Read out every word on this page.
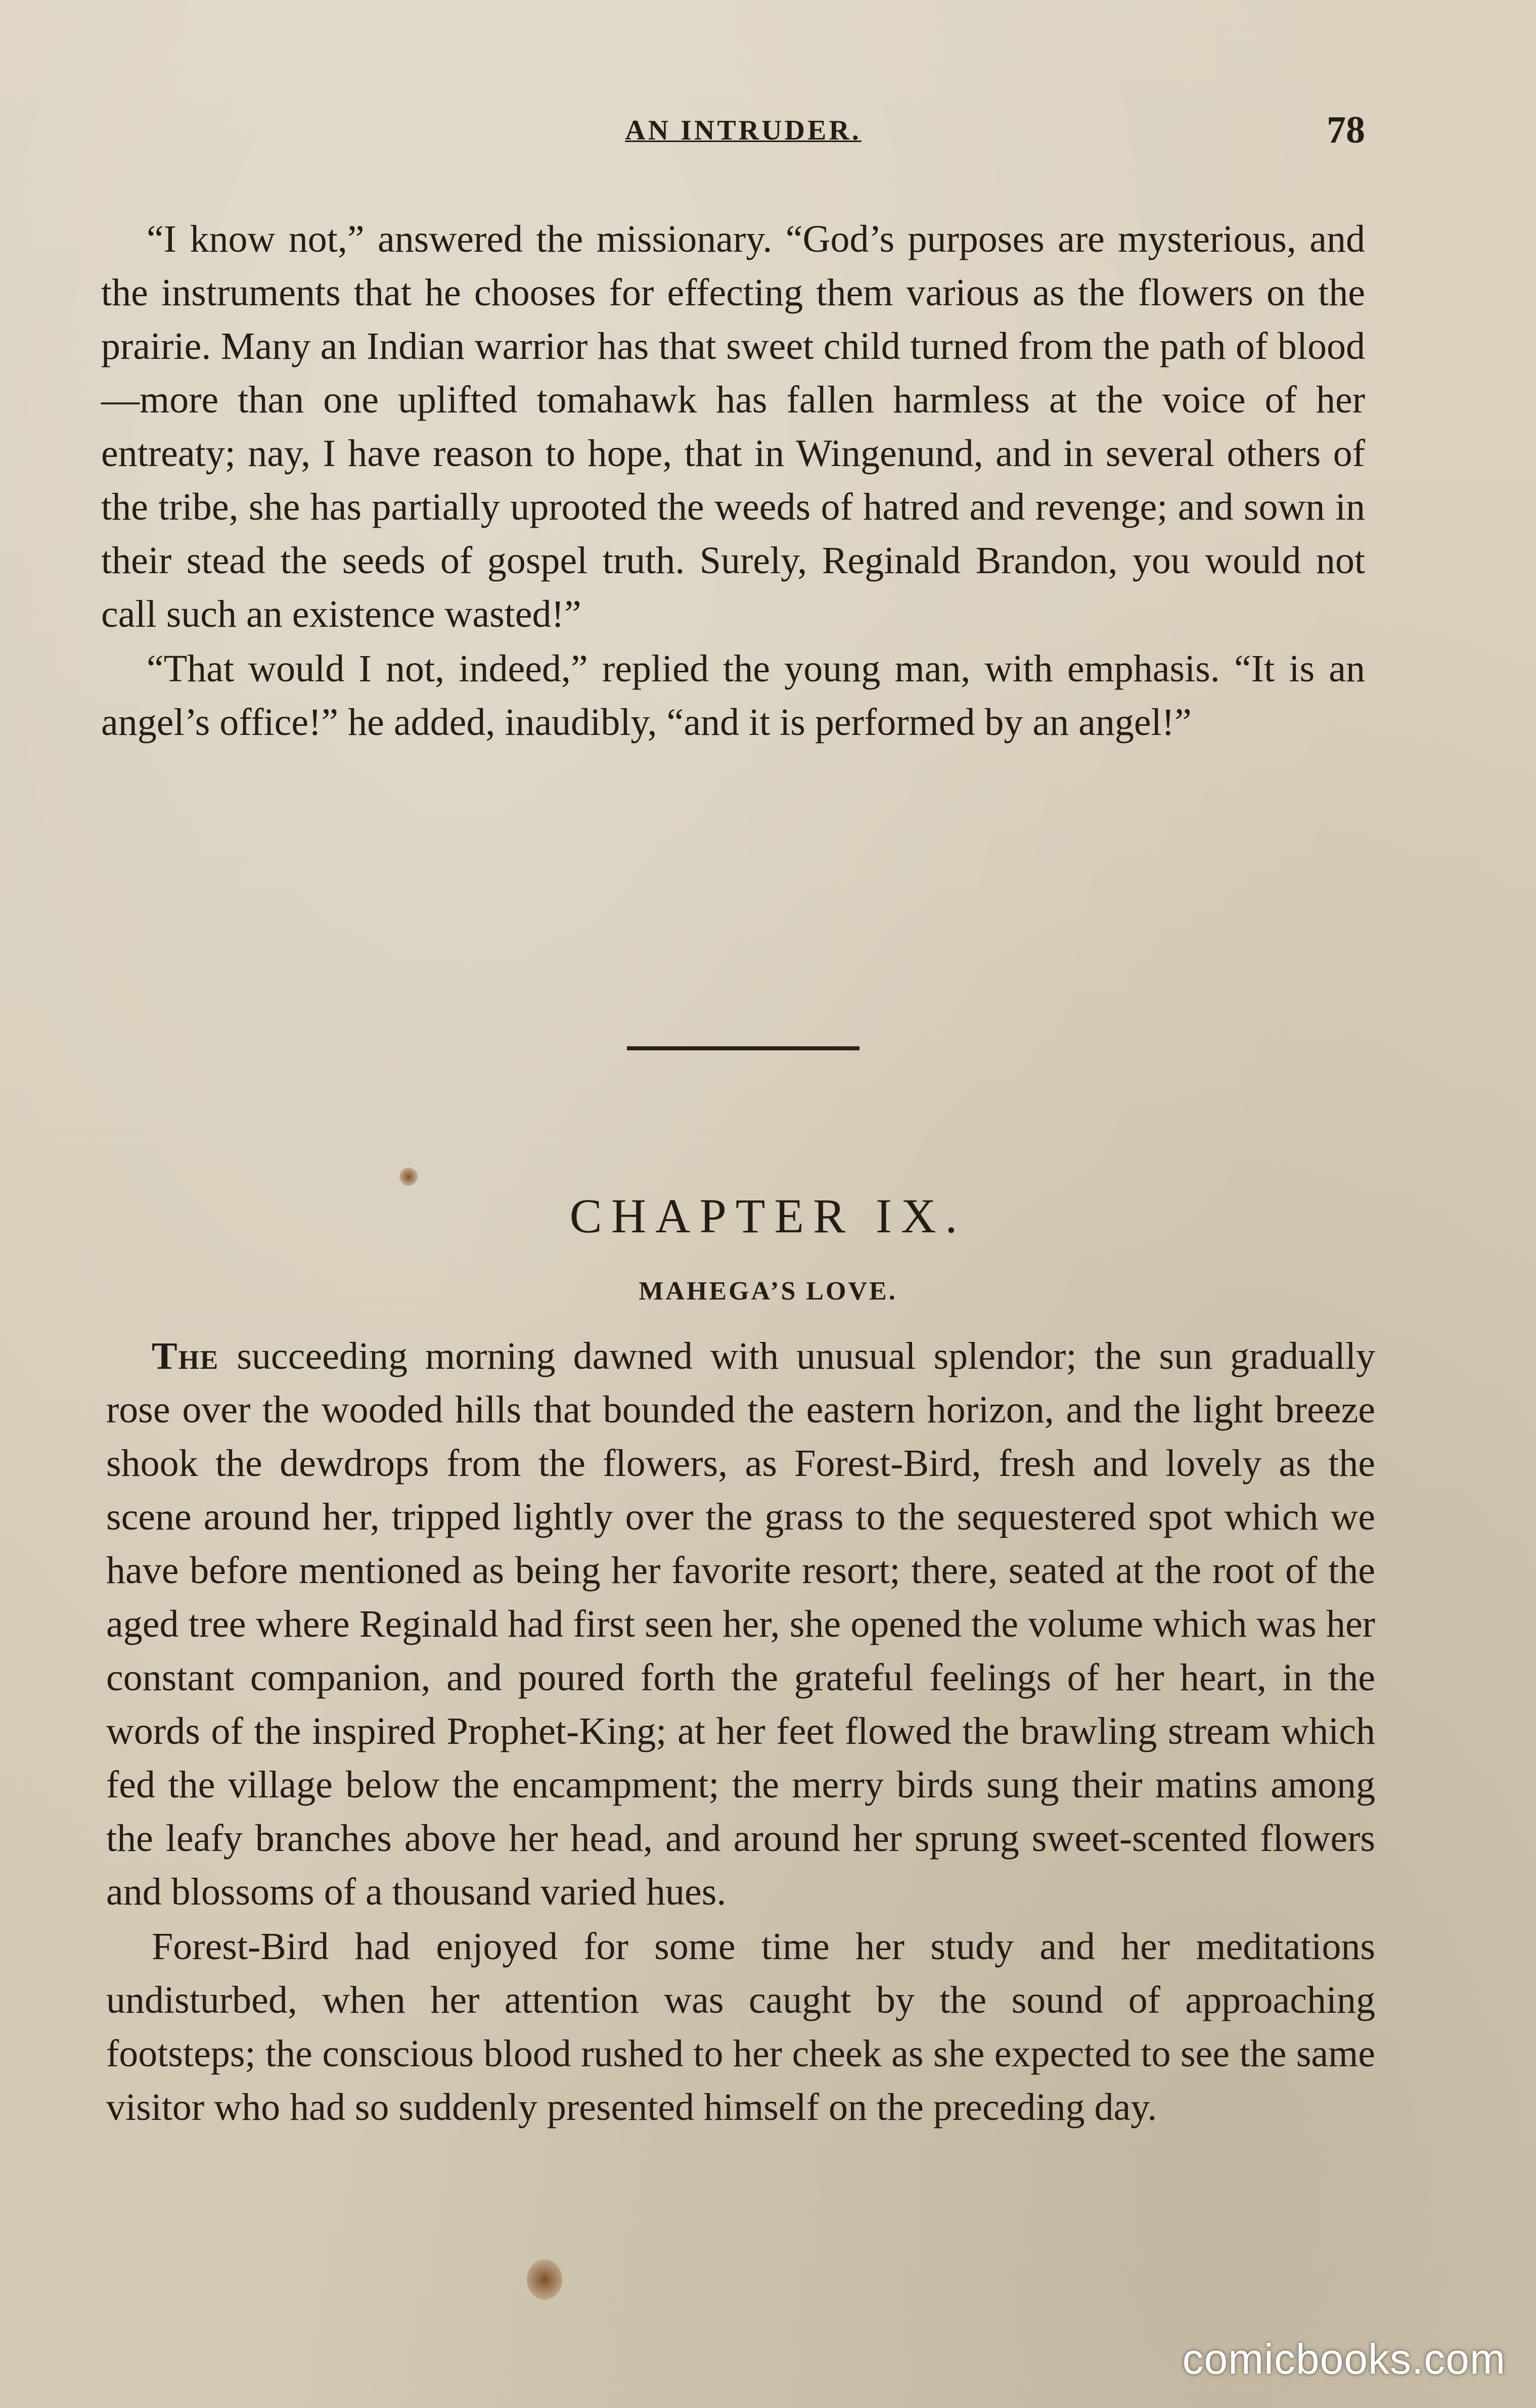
AN INTRUDER.	78

“I know not,” answered the missionary. “God’s purposes are mysterious, and the instruments that he chooses for effecting them various as the flowers on the prairie. Many an Indian warrior has that sweet child turned from the path of blood—more than one uplifted tomahawk has fallen harmless at the voice of her entreaty; nay, I have reason to hope, that in Wingenund, and in several others of the tribe, she has partially uprooted the weeds of hatred and revenge; and sown in their stead the seeds of gospel truth. Surely, Reginald Brandon, you would not call such an existence wasted!”

“That would I not, indeed,” replied the young man, with emphasis. “It is an angel’s office!” he added, inaudibly, “and it is performed by an angel!”

CHAPTER IX.
MAHEGA’S LOVE.

The succeeding morning dawned with unusual splendor; the sun gradually rose over the wooded hills that bounded the eastern horizon, and the light breeze shook the dewdrops from the flowers, as Forest-Bird, fresh and lovely as the scene around her, tripped lightly over the grass to the sequestered spot which we have before mentioned as being her favorite resort; there, seated at the root of the aged tree where Reginald had first seen her, she opened the volume which was her constant companion, and poured forth the grateful feelings of her heart, in the words of the inspired Prophet-King; at her feet flowed the brawling stream which fed the village below the encampment; the merry birds sung their matins among the leafy branches above her head, and around her sprung sweet-scented flowers and blossoms of a thousand varied hues.

Forest-Bird had enjoyed for some time her study and her meditations undisturbed, when her attention was caught by the sound of approaching footsteps; the conscious blood rushed to her cheek as she expected to see the same visitor who had so suddenly presented himself on the preceding day.

comicbooks.com
